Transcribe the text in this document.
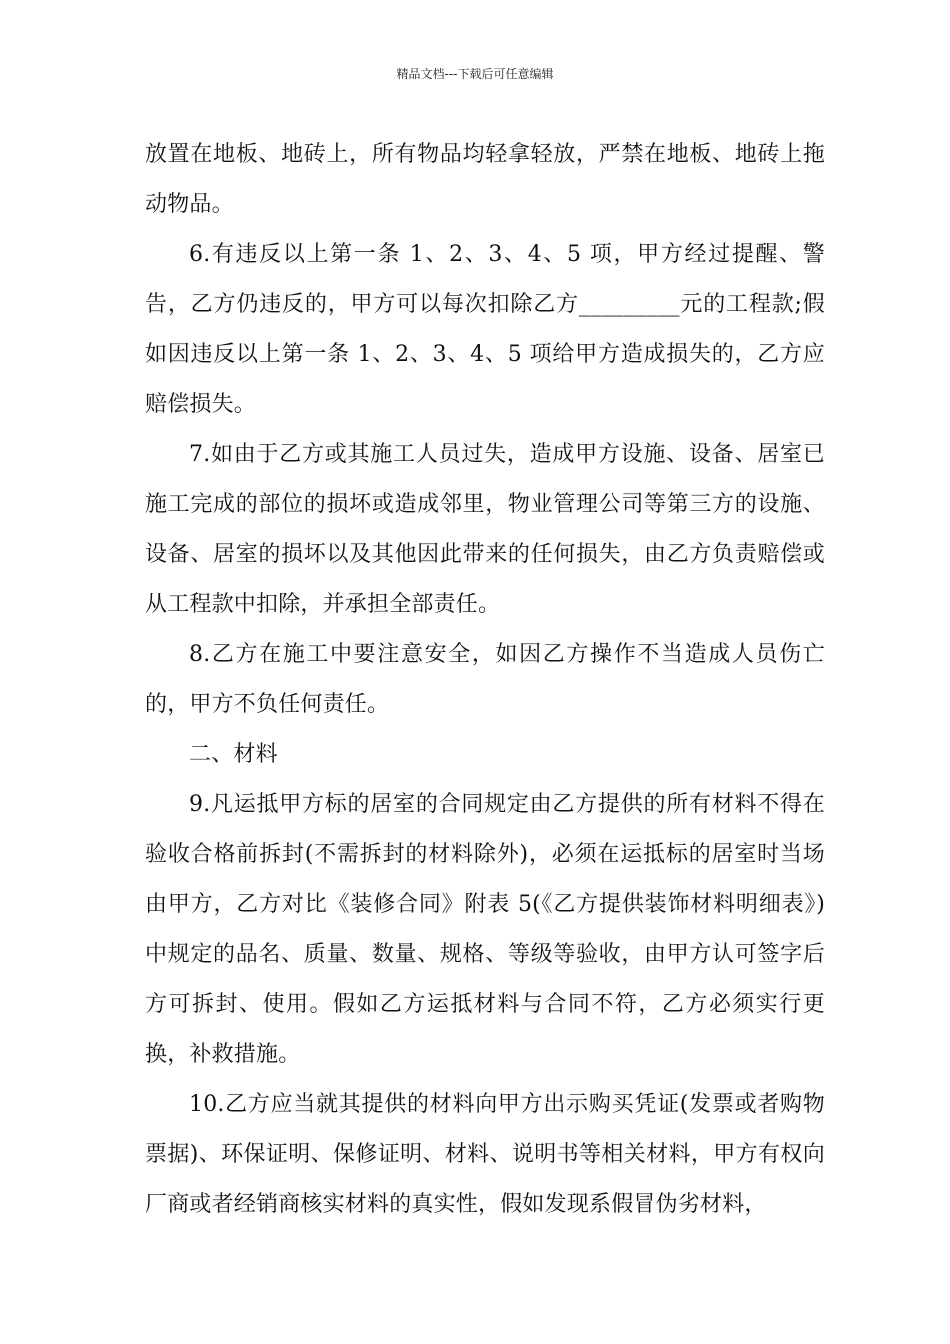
精品文档---下载后可任意编辑

放置在地板、地砖上，所有物品均轻拿轻放，严禁在地板、地砖上拖动物品。

6.有违反以上第一条 1、2、3、4、5 项，甲方经过提醒、警告，乙方仍违反的，甲方可以每次扣除乙方_________元的工程款;假如因违反以上第一条 1、2、3、4、5 项给甲方造成损失的，乙方应赔偿损失。

7.如由于乙方或其施工人员过失，造成甲方设施、设备、居室已施工完成的部位的损坏或造成邻里，物业管理公司等第三方的设施、设备、居室的损坏以及其他因此带来的任何损失，由乙方负责赔偿或从工程款中扣除，并承担全部责任。

8.乙方在施工中要注意安全，如因乙方操作不当造成人员伤亡的，甲方不负任何责任。

二、材料

9.凡运抵甲方标的居室的合同规定由乙方提供的所有材料不得在验收合格前拆封(不需拆封的材料除外)，必须在运抵标的居室时当场由甲方，乙方对比《装修合同》附表 5(《乙方提供装饰材料明细表》)中规定的品名、质量、数量、规格、等级等验收，由甲方认可签字后方可拆封、使用。假如乙方运抵材料与合同不符，乙方必须实行更换，补救措施。

10.乙方应当就其提供的材料向甲方出示购买凭证(发票或者购物票据)、环保证明、保修证明、材料、说明书等相关材料，甲方有权向厂商或者经销商核实材料的真实性，假如发现系假冒伪劣材料，
